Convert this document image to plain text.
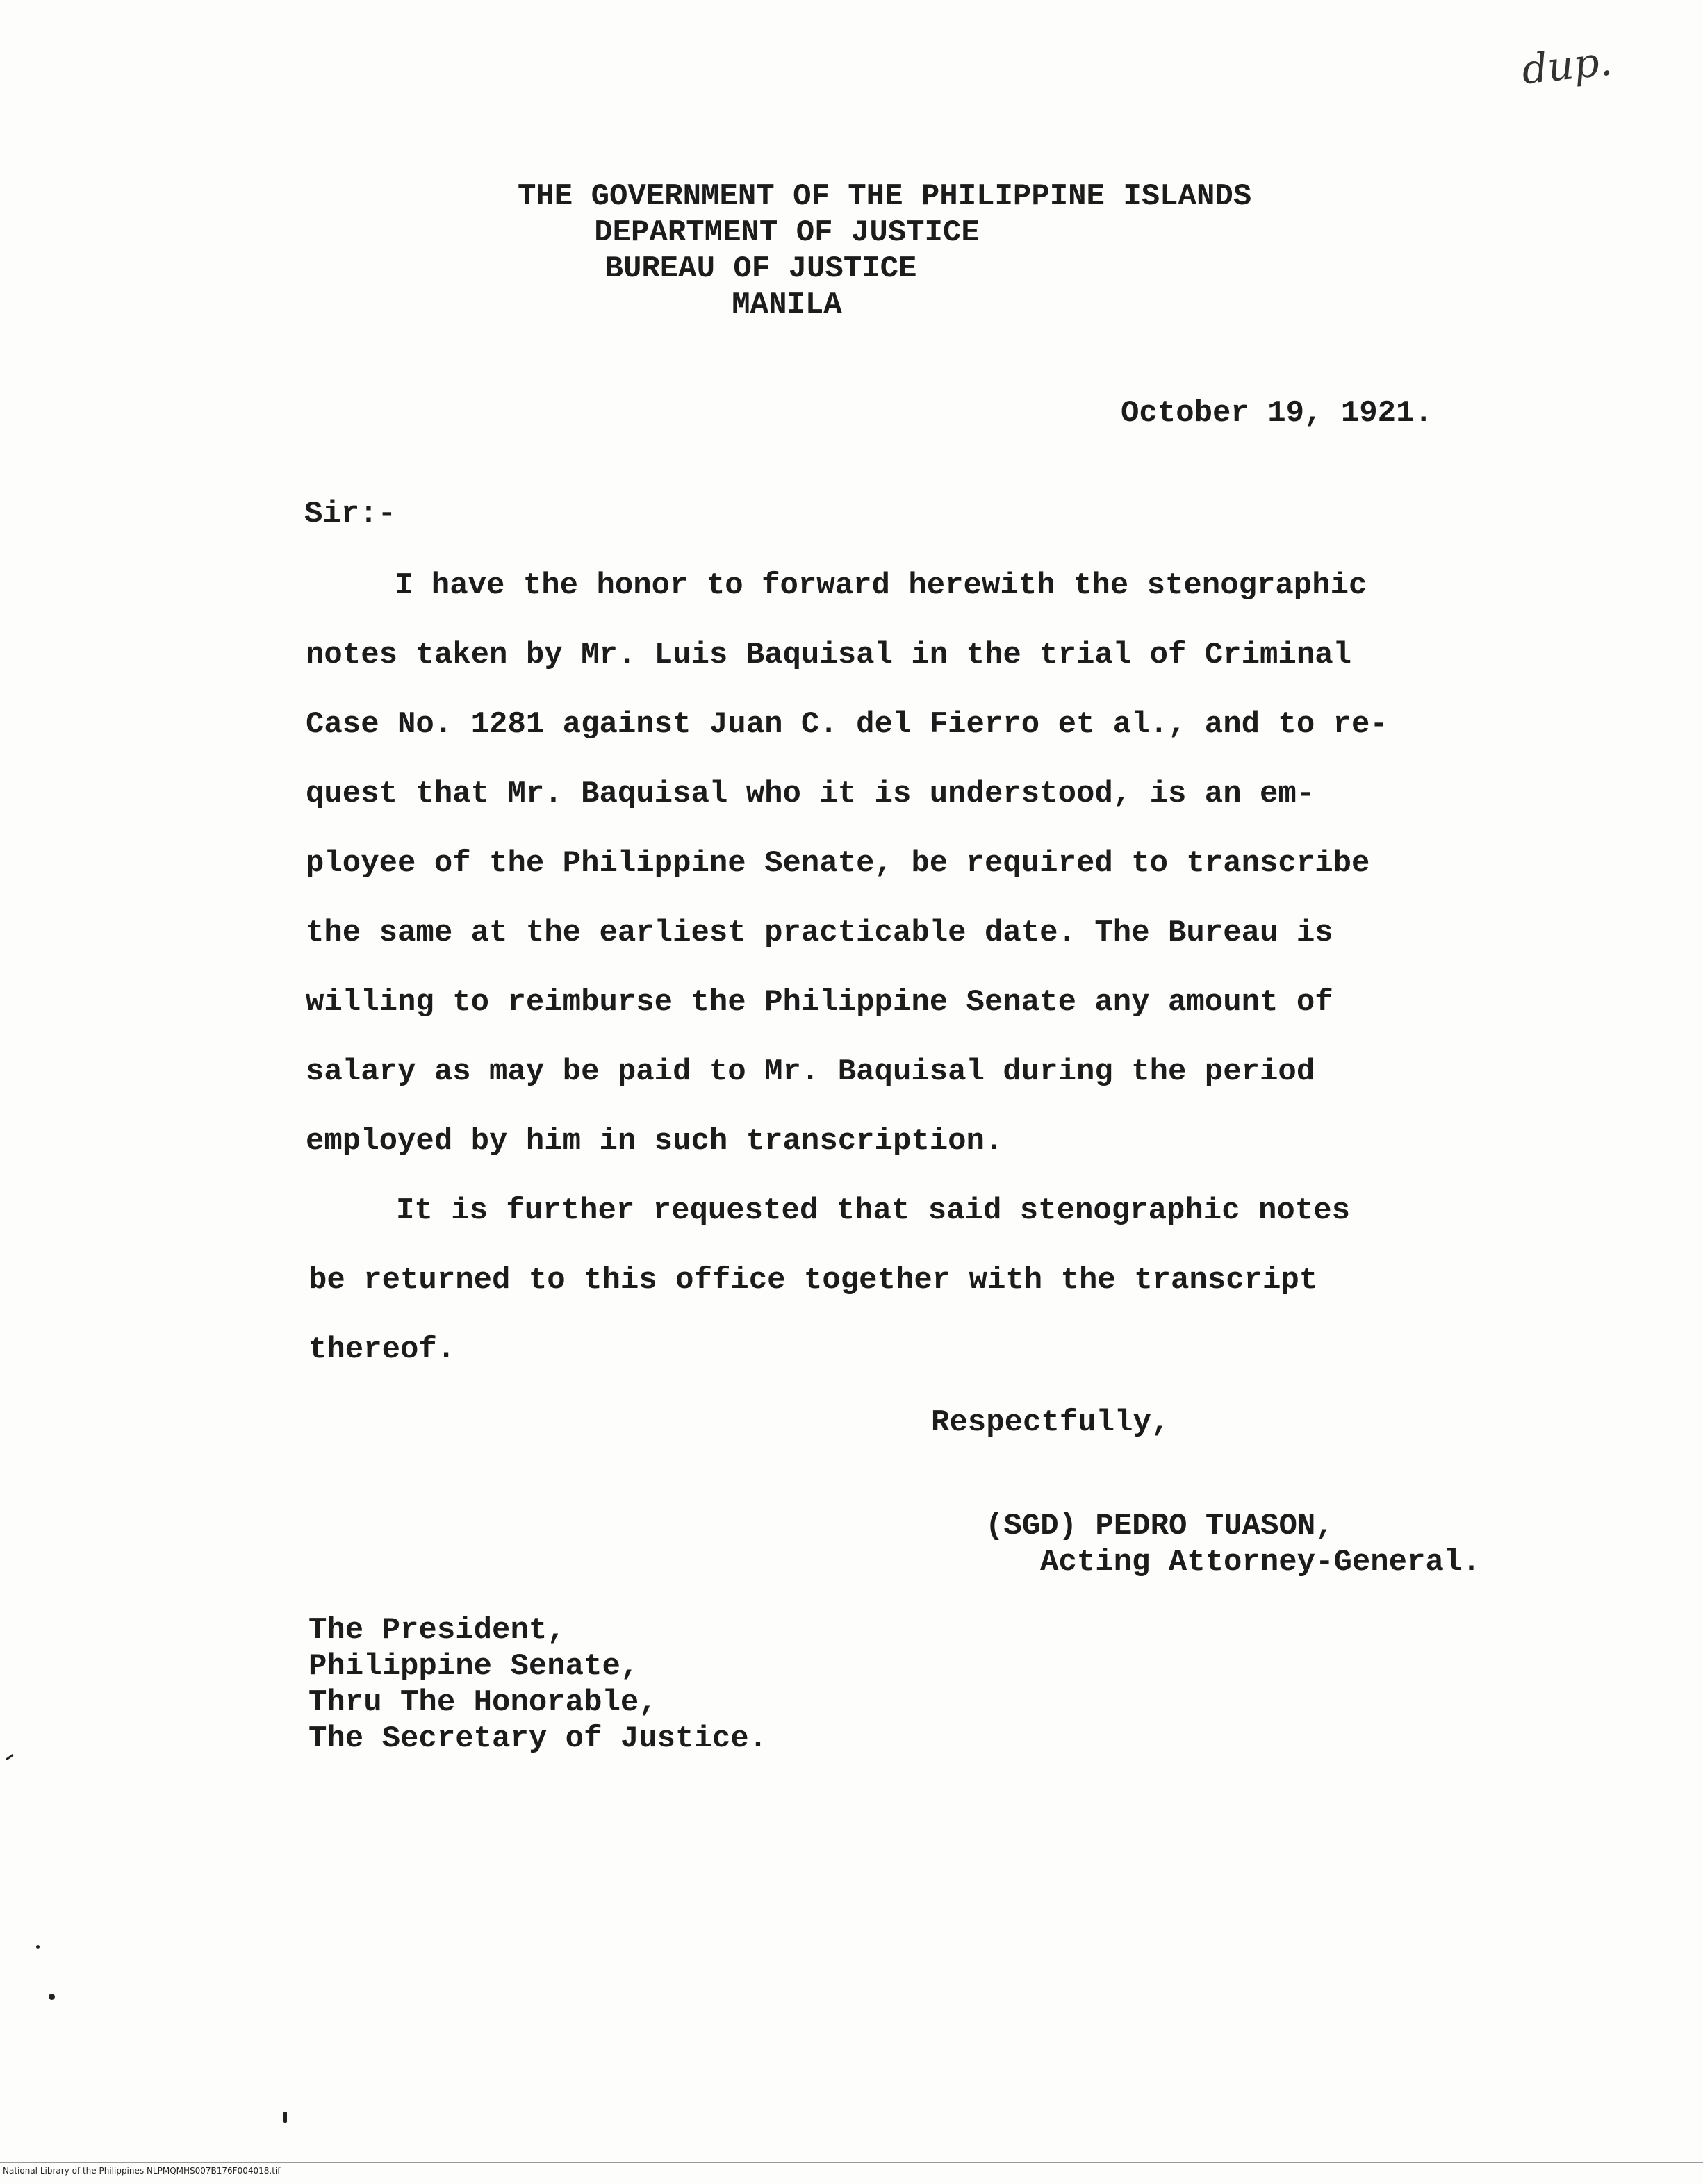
dup.
THE GOVERNMENT OF THE PHILIPPINE ISLANDS
DEPARTMENT OF JUSTICE
BUREAU OF JUSTICE
MANILA
October 19, 1921.
Sir:-
I have the honor to forward herewith the stenographic
notes taken by Mr. Luis Baquisal in the trial of Criminal
Case No. 1281 against Juan C. del Fierro et al., and to re-
quest that Mr. Baquisal who it is understood, is an em-
ployee of the Philippine Senate, be required to transcribe
the same at the earliest practicable date. The Bureau is
willing to reimburse the Philippine Senate any amount of
salary as may be paid to Mr. Baquisal during the period
employed by him in such transcription.
It is further requested that said stenographic notes
be returned to this office together with the transcript
thereof.
Respectfully,
(SGD) PEDRO TUASON,
Acting Attorney-General.
The President,
Philippine Senate,
Thru The Honorable,
The Secretary of Justice.
National Library of the Philippines NLPMQMHS007B176F004018.tif
